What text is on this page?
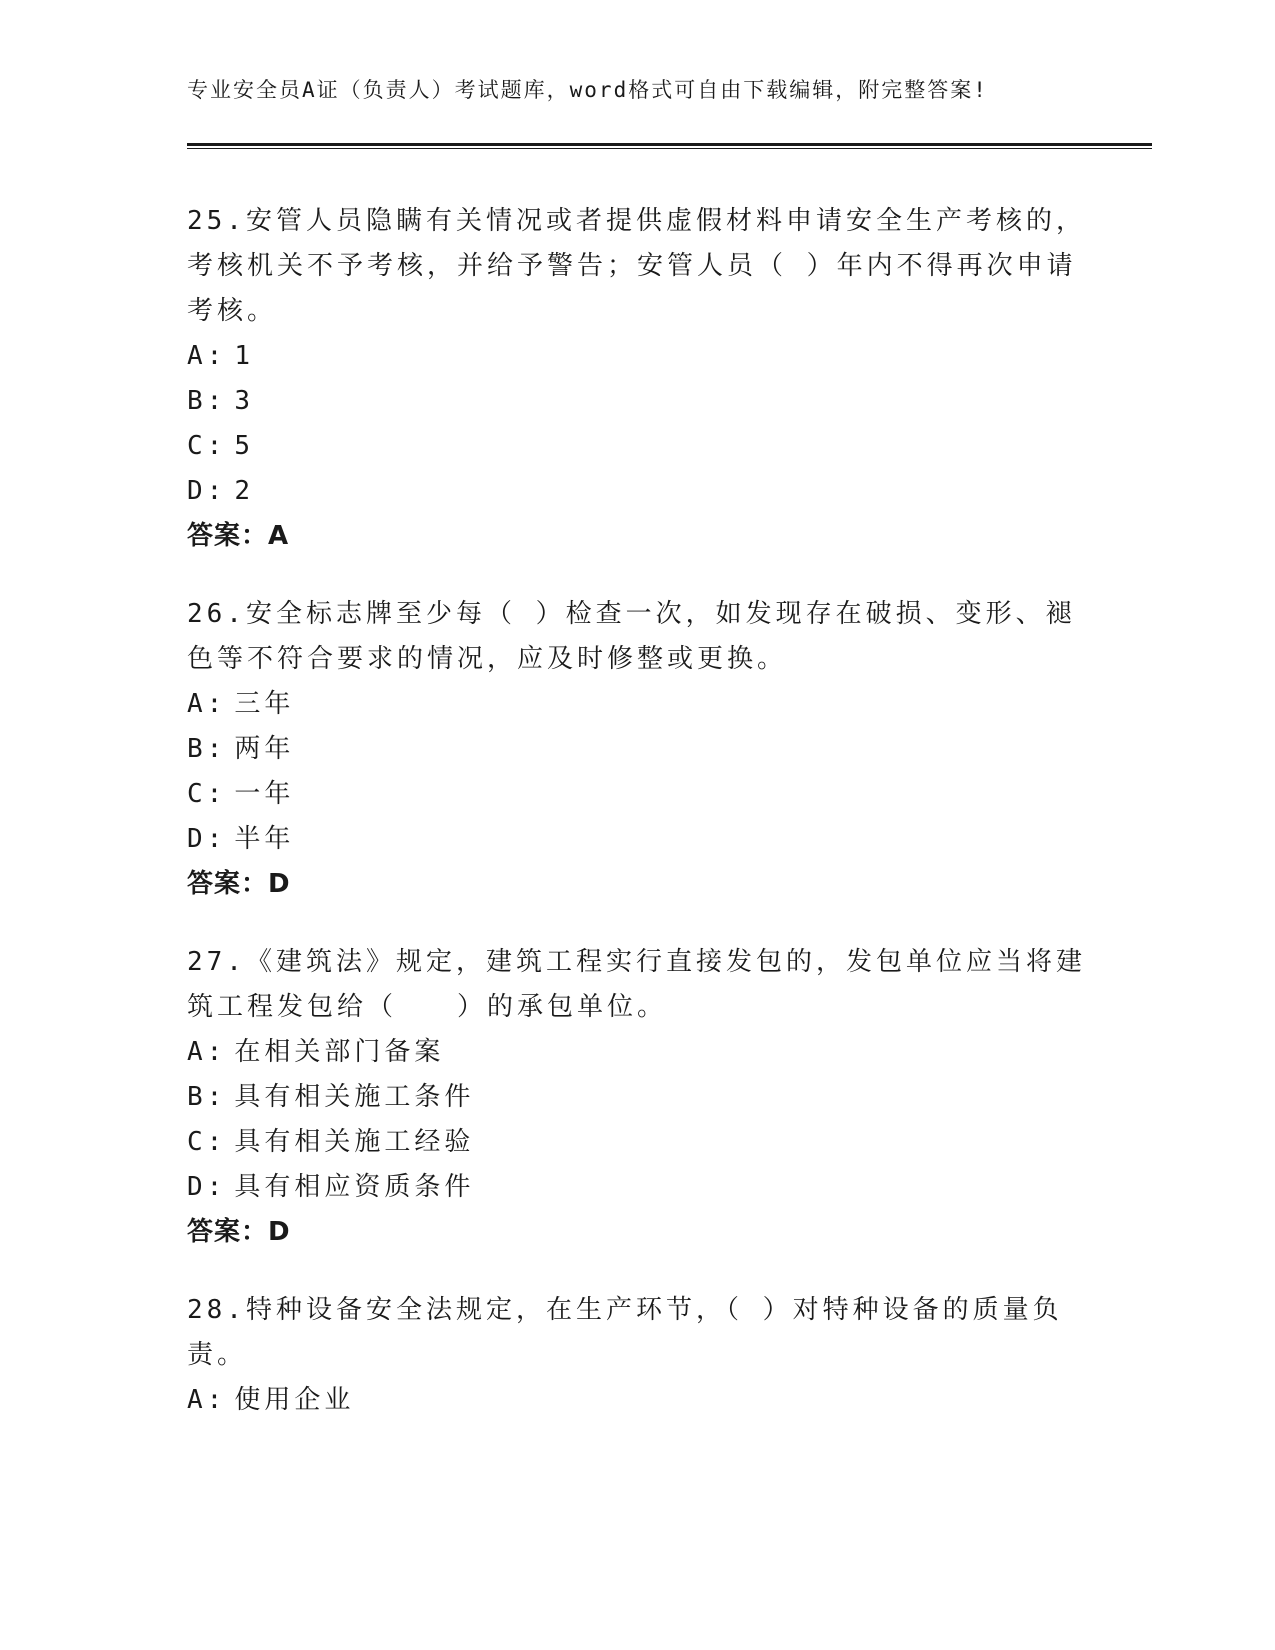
专业安全员A证（负责人）考试题库，word格式可自由下载编辑，附完整答案!

25.安管人员隐瞒有关情况或者提供虚假材料申请安全生产考核的，考核机关不予考核，并给予警告；安管人员（ ）年内不得再次申请考核。

A: 1
B: 3
C: 5
D: 2
答案：A

26.安全标志牌至少每（ ）检查一次，如发现存在破损、变形、褪色等不符合要求的情况，应及时修整或更换。

A: 三年
B: 两年
C: 一年
D: 半年
答案：D

27.《建筑法》规定，建筑工程实行直接发包的，发包单位应当将建筑工程发包给（　　）的承包单位。

A: 在相关部门备案
B: 具有相关施工条件
C: 具有相关施工经验
D: 具有相应资质条件
答案：D

28.特种设备安全法规定，在生产环节，（ ）对特种设备的质量负责。

A: 使用企业
